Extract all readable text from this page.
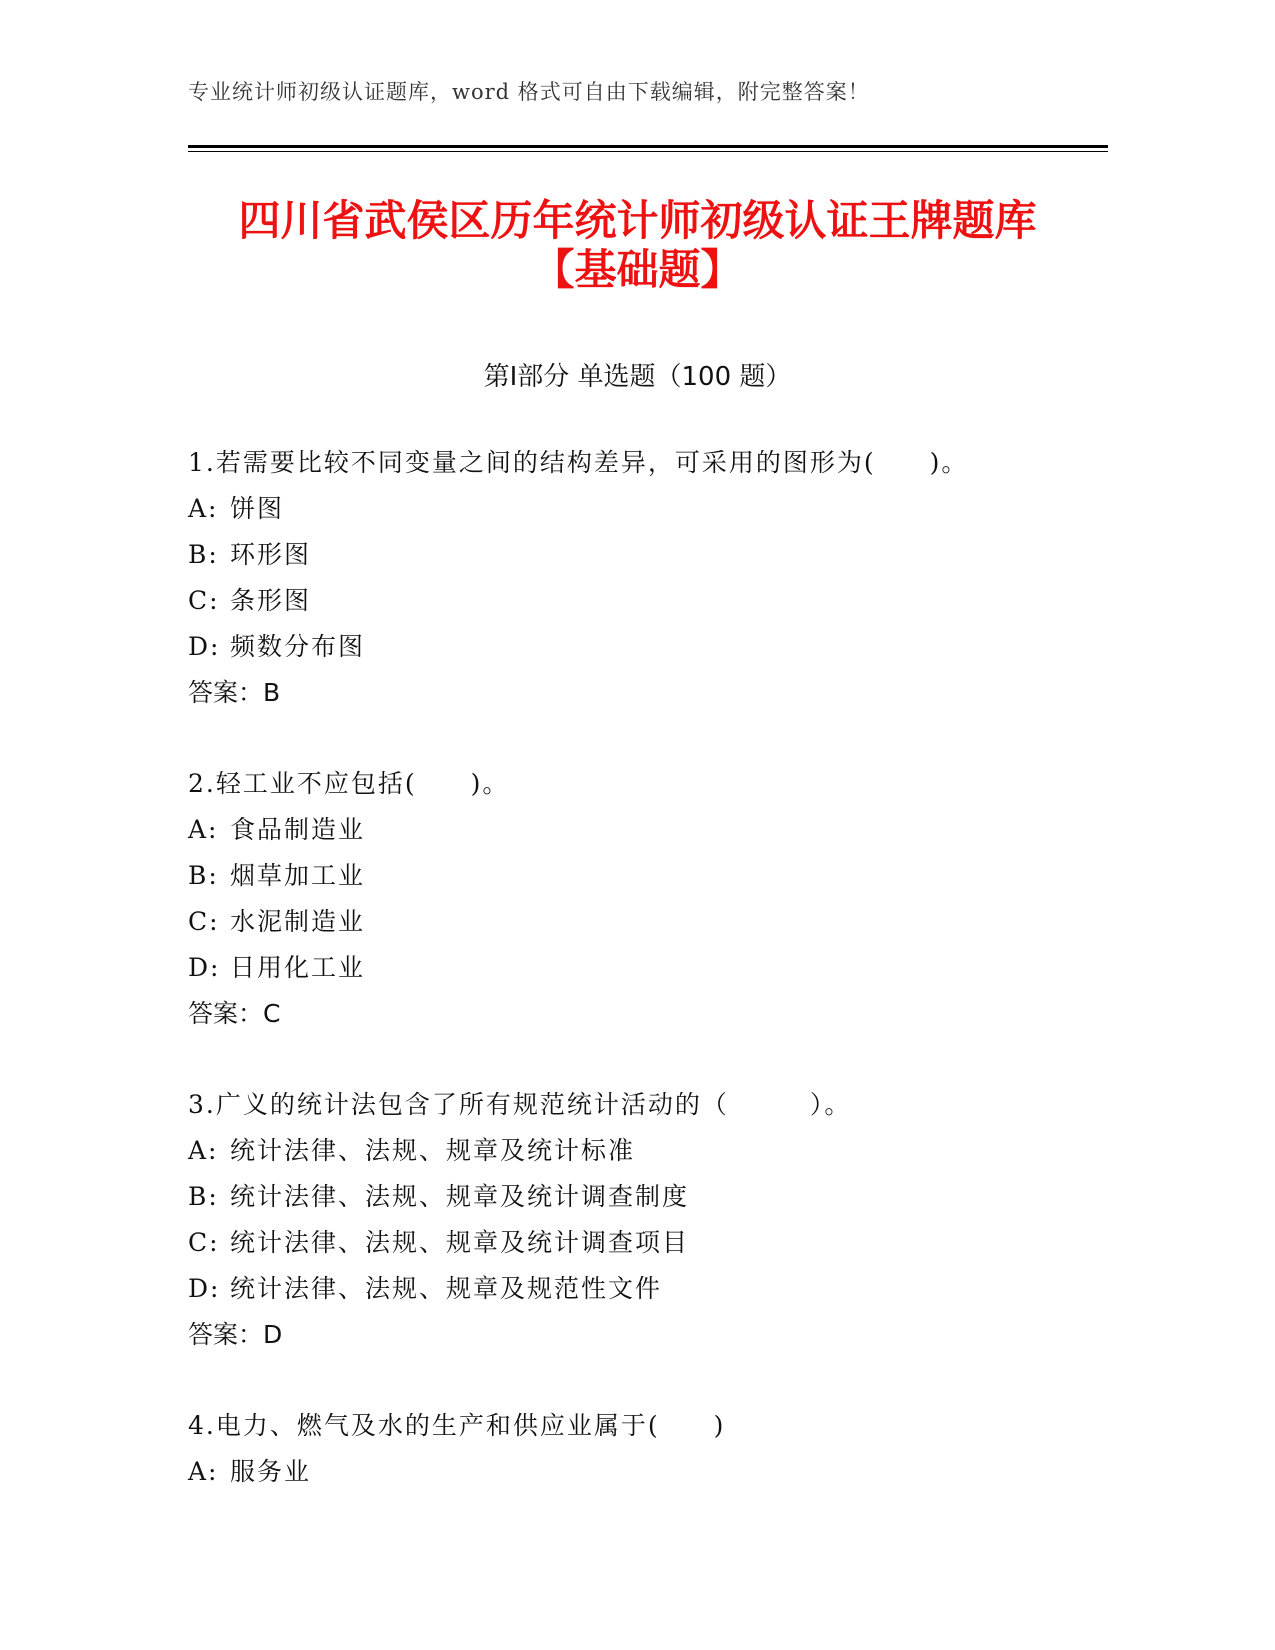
专业统计师初级认证题库，word 格式可自由下载编辑，附完整答案！
四川省武侯区历年统计师初级认证王牌题库
【基础题】
第Ⅰ部分 单选题（100 题）
1.若需要比较不同变量之间的结构差异，可采用的图形为(　　)。
A: 饼图
B: 环形图
C: 条形图
D: 频数分布图
答案：B
2.轻工业不应包括(　　)。
A: 食品制造业
B: 烟草加工业
C: 水泥制造业
D: 日用化工业
答案：C
3.广义的统计法包含了所有规范统计活动的（　　　）。
A: 统计法律、法规、规章及统计标准
B: 统计法律、法规、规章及统计调查制度
C: 统计法律、法规、规章及统计调查项目
D: 统计法律、法规、规章及规范性文件
答案：D
4.电力、燃气及水的生产和供应业属于(　　)
A: 服务业
